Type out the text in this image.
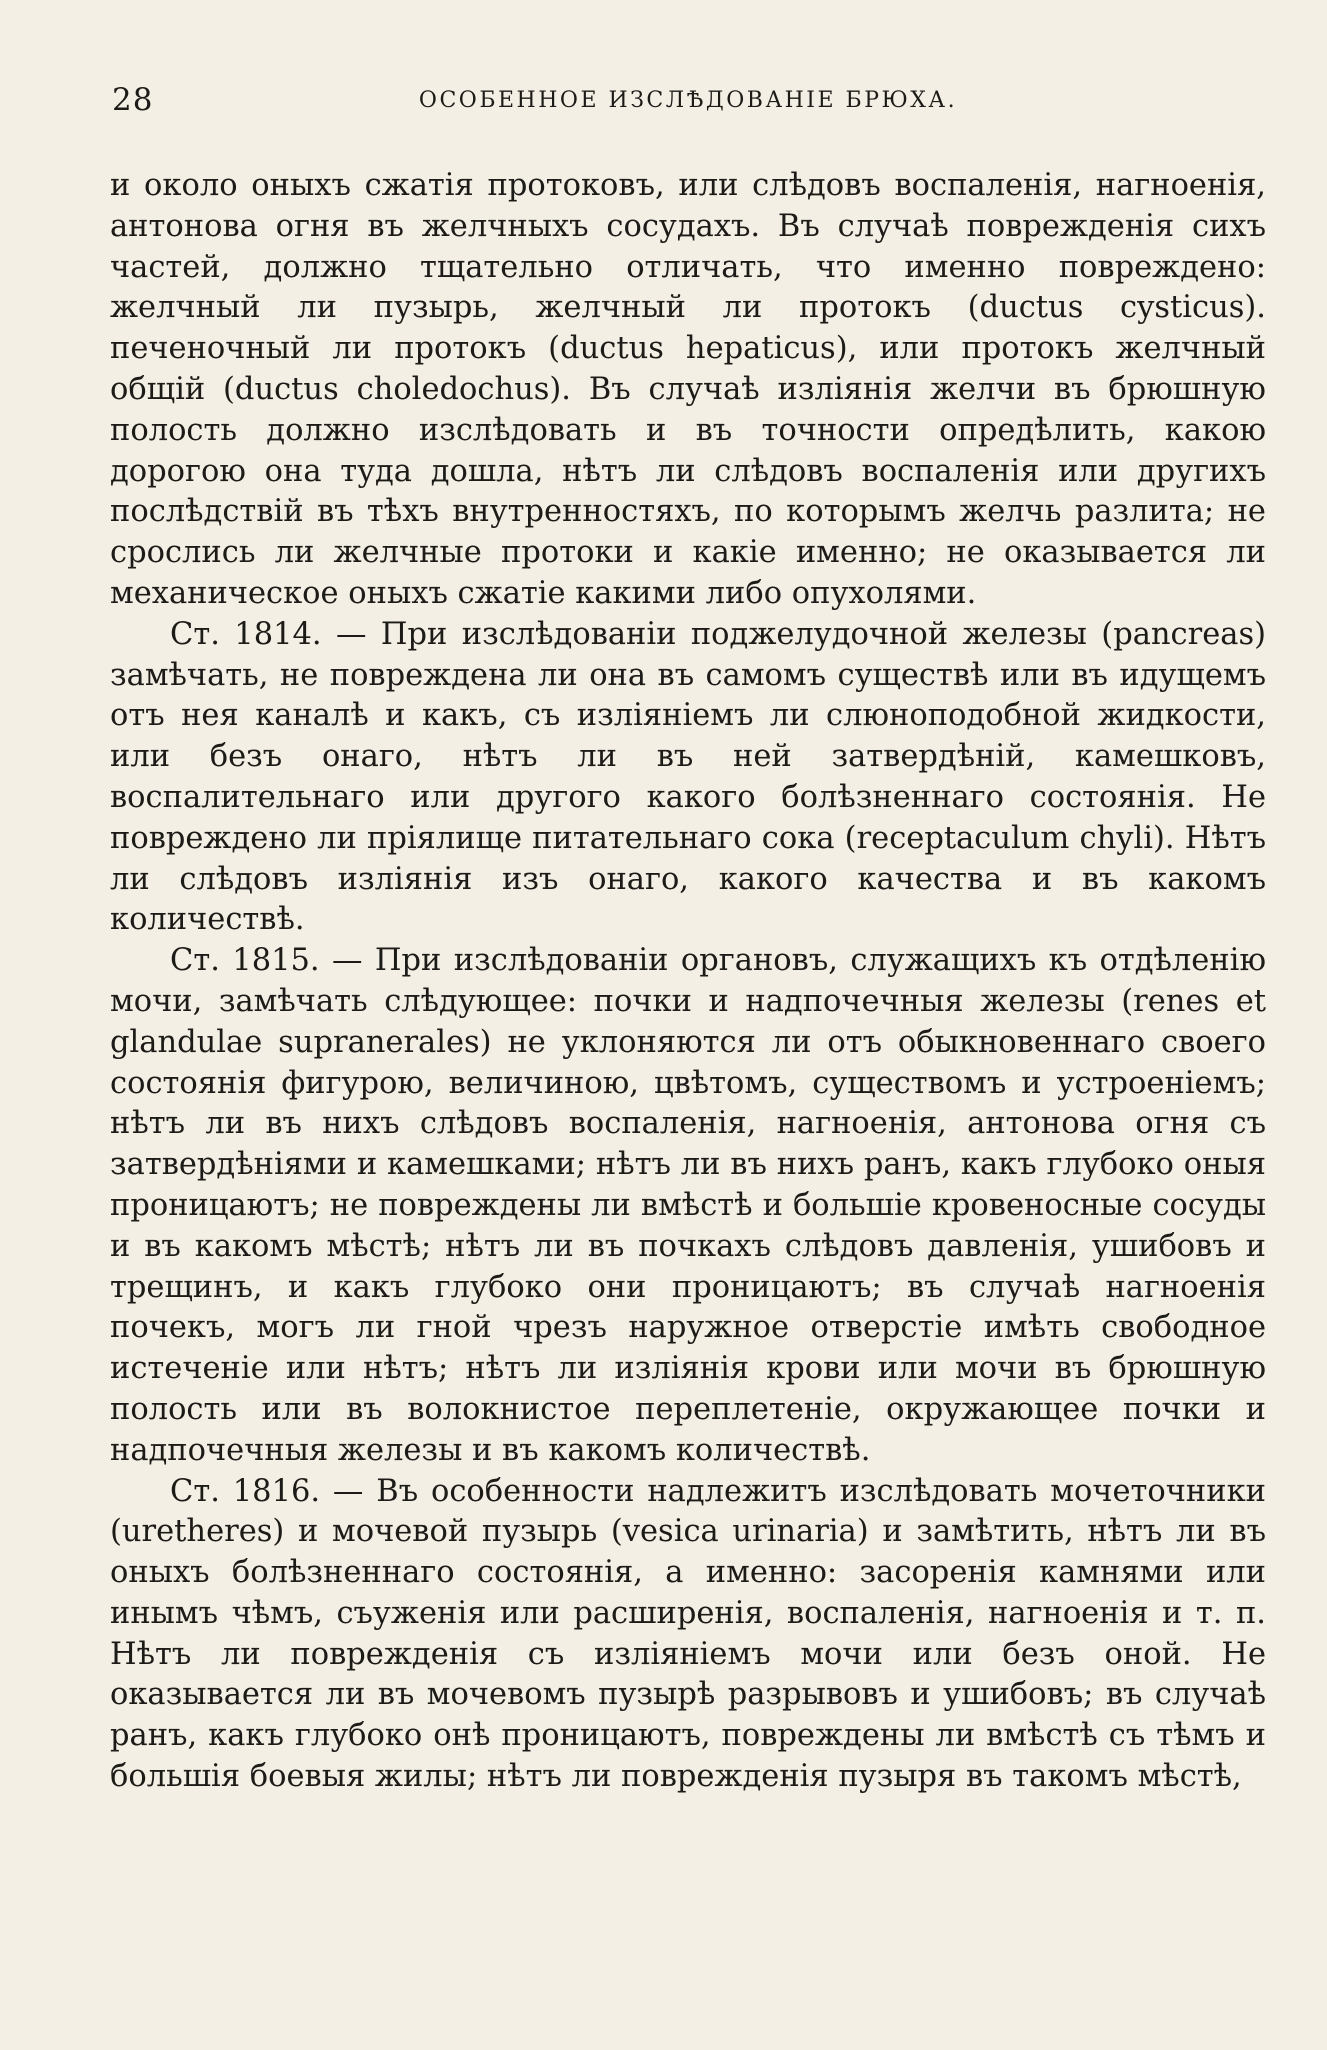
28	ОСОБЕННОЕ ИЗСЛѢДОВАНІЕ БРЮХА.

и около оныхъ сжатія протоковъ, или слѣдовъ воспаленія, нагноенія, антонова огня въ желчныхъ сосудахъ. Въ случаѣ поврежденія сихъ частей, должно тщательно отличать, что именно повреждено: желчный ли пузырь, желчный ли протокъ (ductus cysticus). печеночный ли протокъ (ductus hepaticus), или протокъ желчный общій (ductus choledochus). Въ случаѣ изліянія желчи въ брюшную полость должно изслѣдовать и въ точности опредѣлить, какою дорогою она туда дошла, нѣтъ ли слѣдовъ воспаленія или другихъ послѣдствій въ тѣхъ внутренностяхъ, по которымъ желчь разлита; не срослись ли желчные протоки и какіе именно; не оказывается ли механическое оныхъ сжатіе какими либо опухолями.

Ст. 1814. — При изслѣдованіи поджелудочной железы (pancreas) замѣчать, не повреждена ли она въ самомъ существѣ или въ идущемъ отъ нея каналѣ и какъ, съ изліяніемъ ли слюноподобной жидкости, или безъ онаго, нѣтъ ли въ ней затвердѣній, камешковъ, воспалительнаго или другого какого болѣзненнаго состоянія. Не повреждено ли пріялище питательнаго сока (receptaculum chyli). Нѣтъ ли слѣдовъ изліянія изъ онаго, какого качества и въ какомъ количествѣ.

Ст. 1815. — При изслѣдованіи органовъ, служащихъ къ отдѣленію мочи, замѣчать слѣдующее: почки и надпочечныя железы (renes et glandulae supranerales) не уклоняются ли отъ обыкновеннаго своего состоянія фигурою, величиною, цвѣтомъ, существомъ и устроеніемъ; нѣтъ ли въ нихъ слѣдовъ воспаленія, нагноенія, антонова огня съ затвердѣніями и камешками; нѣтъ ли въ нихъ ранъ, какъ глубоко оныя проницаютъ; не повреждены ли вмѣстѣ и большіе кровеносные сосуды и въ какомъ мѣстѣ; нѣтъ ли въ почкахъ слѣдовъ давленія, ушибовъ и трещинъ, и какъ глубоко они проницаютъ; въ случаѣ нагноенія почекъ, могъ ли гной чрезъ наружное отверстіе имѣть свободное истеченіе или нѣтъ; нѣтъ ли изліянія крови или мочи въ брюшную полость или въ волокнистое переплетеніе, окружающее почки и надпочечныя железы и въ какомъ количествѣ.

Ст. 1816. — Въ особенности надлежитъ изслѣдовать мочеточники (uretheres) и мочевой пузырь (vesica urinaria) и замѣтить, нѣтъ ли въ оныхъ болѣзненнаго состоянія, а именно: засоренія камнями или инымъ чѣмъ, съуженія или расширенія, воспаленія, нагноенія и т. п. Нѣтъ ли поврежденія съ изліяніемъ мочи или безъ оной. Не оказывается ли въ мочевомъ пузырѣ разрывовъ и ушибовъ; въ случаѣ ранъ, какъ глубоко онѣ проницаютъ, повреждены ли вмѣстѣ съ тѣмъ и большія боевыя жилы; нѣтъ ли поврежденія пузыря въ такомъ мѣстѣ,
